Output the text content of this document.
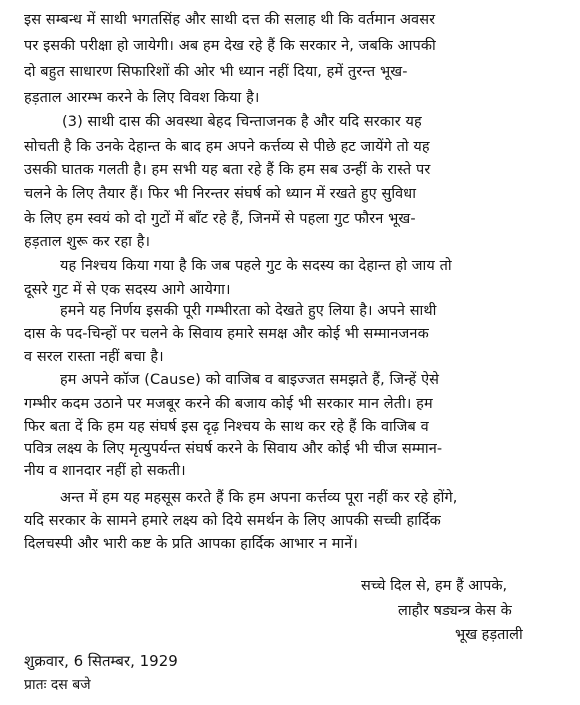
इस सम्बन्ध में साथी भगतसिंह और साथी दत्त की सलाह थी कि वर्तमान अवसर
पर इसकी परीक्षा हो जायेगी। अब हम देख रहे हैं कि सरकार ने, जबकि आपकी
दो बहुत साधारण सिफारिशों की ओर भी ध्यान नहीं दिया, हमें तुरन्त भूख-
हड़ताल आरम्भ करने के लिए विवश किया है।
(3) साथी दास की अवस्था बेहद चिन्ताजनक है और यदि सरकार यह
सोचती है कि उनके देहान्त के बाद हम अपने कर्त्तव्य से पीछे हट जायेंगे तो यह
उसकी घातक गलती है। हम सभी यह बता रहे हैं कि हम सब उन्हीं के रास्ते पर
चलने के लिए तैयार हैं। फिर भी निरन्तर संघर्ष को ध्यान में रखते हुए सुविधा
के लिए हम स्वयं को दो गुटों में बाँट रहे हैं, जिनमें से पहला गुट फौरन भूख-
हड़ताल शुरू कर रहा है।
यह निश्चय किया गया है कि जब पहले गुट के सदस्य का देहान्त हो जाय तो
दूसरे गुट में से एक सदस्य आगे आयेगा।
हमने यह निर्णय इसकी पूरी गम्भीरता को देखते हुए लिया है। अपने साथी
दास के पद-चिन्हों पर चलने के सिवाय हमारे समक्ष और कोई भी सम्मानजनक
व सरल रास्ता नहीं बचा है।
हम अपने कॉज (Cause) को वाजिब व बाइज्जत समझते हैं, जिन्हें ऐसे
गम्भीर कदम उठाने पर मजबूर करने की बजाय कोई भी सरकार मान लेती। हम
फिर बता दें कि हम यह संघर्ष इस दृढ़ निश्चय के साथ कर रहे हैं कि वाजिब व
पवित्र लक्ष्य के लिए मृत्युपर्यन्त संघर्ष करने के सिवाय और कोई भी चीज सम्मान-
नीय व शानदार नहीं हो सकती।
अन्त में हम यह महसूस करते हैं कि हम अपना कर्त्तव्य पूरा नहीं कर रहे होंगे,
यदि सरकार के सामने हमारे लक्ष्य को दिये समर्थन के लिए आपकी सच्ची हार्दिक
दिलचस्पी और भारी कष्ट के प्रति आपका हार्दिक आभार न मानें।
सच्चे दिल से, हम हैं आपके,
लाहौर षड्यन्त्र केस के
भूख हड़ताली
शुक्रवार, 6 सितम्बर, 1929
प्रातः दस बजे
